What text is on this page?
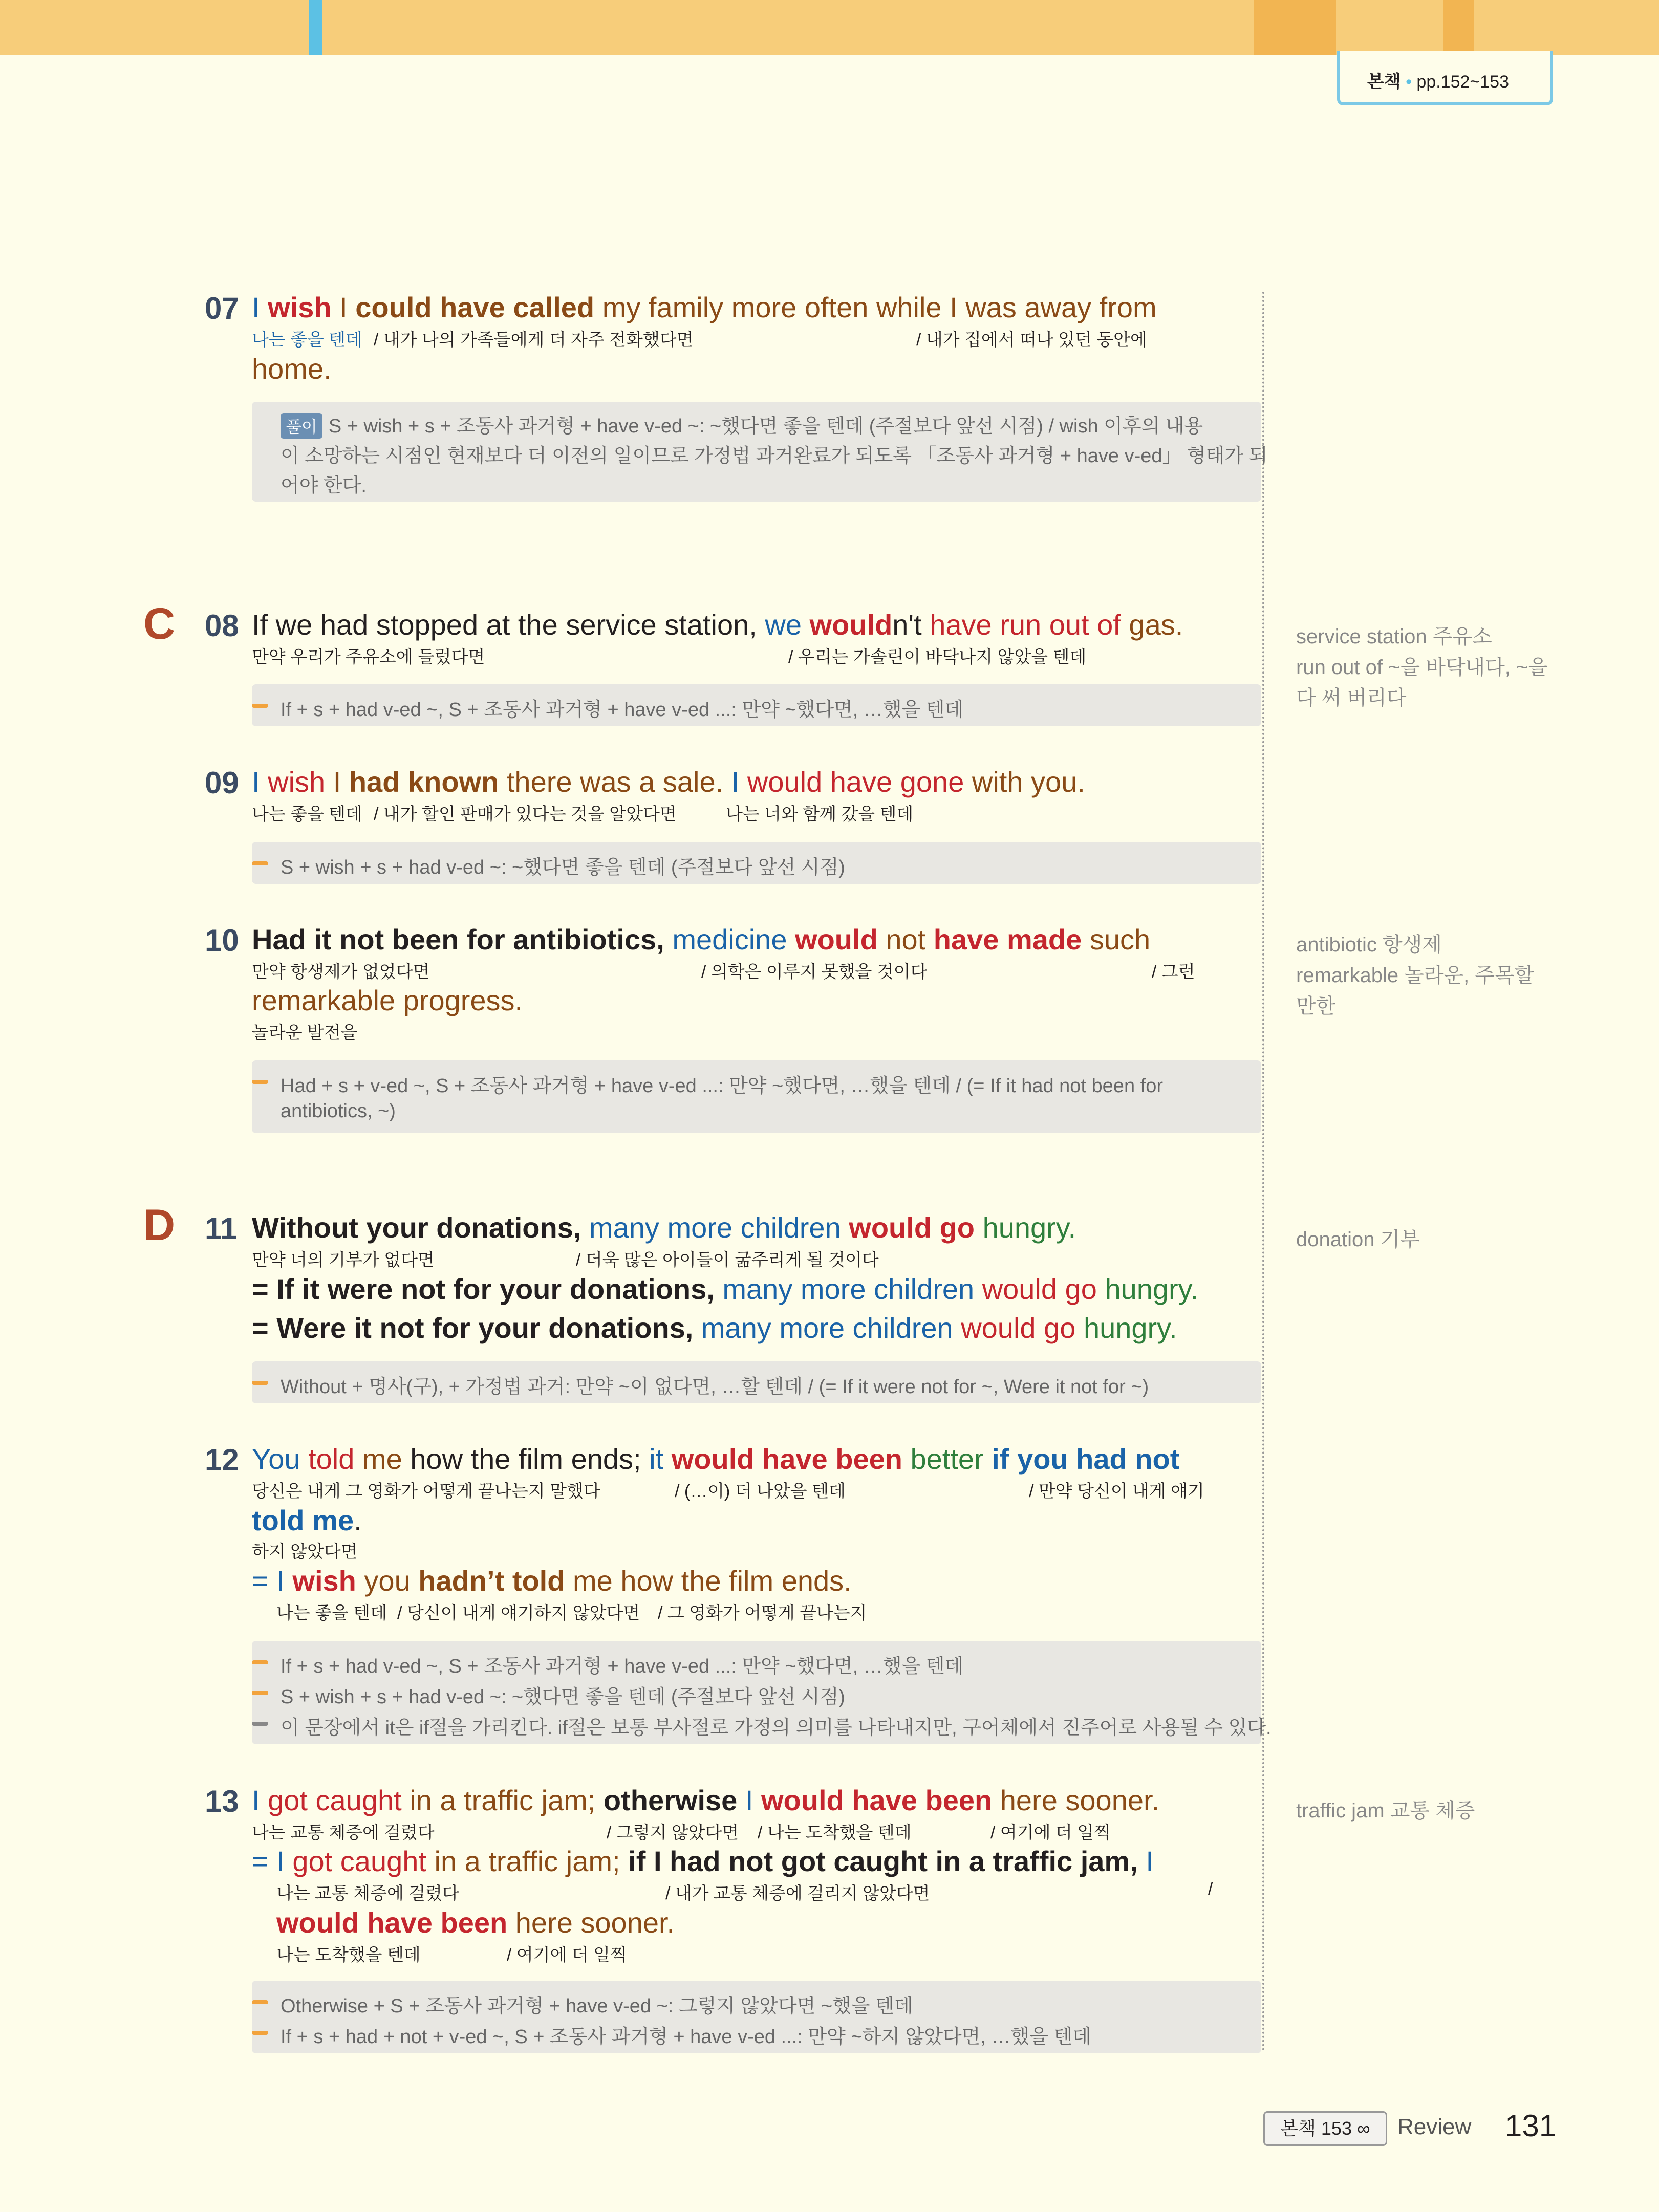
본책 • pp.152~153
07 I wish I could have called my family more often while I was away from
나는 좋을 텐데 / 내가 나의 가족들에게 더 자주 전화했다면	/ 내가 집에서 떠나 있던 동안에
home.
풀이 S + wish + s + 조동사 과거형 + have v-ed ~: ~했다면 좋을 텐데 (주절보다 앞선 시점) / wish 이후의 내용
이 소망하는 시점인 현재보다 더 이전의 일이므로 가정법 과거완료가 되도록 「조동사 과거형 + have v-ed」 형태가 되
어야 한다.
C 08 If we had stopped at the service station, we wouldn't have run out of gas.
만약 우리가 주유소에 들렀다면	/ 우리는 가솔린이 바닥나지 않았을 텐데
If + s + had v-ed ~, S + 조동사 과거형 + have v-ed ...: 만약 ~했다면, …했을 텐데
service station 주유소
run out of ~을 바닥내다, ~을
다 써 버리다
09 I wish I had known there was a sale. I would have gone with you.
나는 좋을 텐데 / 내가 할인 판매가 있다는 것을 알았다면	나는 너와 함께 갔을 텐데
S + wish + s + had v-ed ~: ~했다면 좋을 텐데 (주절보다 앞선 시점)
10 Had it not been for antibiotics, medicine would not have made such
만약 항생제가 없었다면	/ 의학은 이루지 못했을 것이다	/ 그런
remarkable progress.
놀라운 발전을
Had + s + v-ed ~, S + 조동사 과거형 + have v-ed ...: 만약 ~했다면, …했을 텐데 / (= If it had not been for
antibiotics, ~)
antibiotic 항생제
remarkable 놀라운, 주목할
만한
D 11 Without your donations, many more children would go hungry.
만약 너의 기부가 없다면	/ 더욱 많은 아이들이 굶주리게 될 것이다
= If it were not for your donations, many more children would go hungry.
= Were it not for your donations, many more children would go hungry.
Without + 명사(구), + 가정법 과거: 만약 ~이 없다면, …할 텐데 / (= If it were not for ~, Were it not for ~)
donation 기부
12 You told me how the film ends; it would have been better if you had not
당신은 내게 그 영화가 어떻게 끝나는지 말했다	/ (…이) 더 나았을 텐데	/ 만약 당신이 내게 얘기
told me.
하지 않았다면
= I wish you hadn’t told me how the film ends.
나는 좋을 텐데 / 당신이 내게 얘기하지 않았다면 / 그 영화가 어떻게 끝나는지
If + s + had v-ed ~, S + 조동사 과거형 + have v-ed ...: 만약 ~했다면, …했을 텐데
S + wish + s + had v-ed ~: ~했다면 좋을 텐데 (주절보다 앞선 시점)
이 문장에서 it은 if절을 가리킨다. if절은 보통 부사절로 가정의 의미를 나타내지만, 구어체에서 진주어로 사용될 수 있다.
13 I got caught in a traffic jam; otherwise I would have been here sooner.
나는 교통 체증에 걸렸다	/ 그렇지 않았다면 / 나는 도착했을 텐데	/ 여기에 더 일찍
traffic jam 교통 체증
= I got caught in a traffic jam; if I had not got caught in a traffic jam, I
나는 교통 체증에 걸렸다	/ 내가 교통 체증에 걸리지 않았다면	/
would have been here sooner.
나는 도착했을 텐데	/ 여기에 더 일찍
Otherwise + S + 조동사 과거형 + have v-ed ~: 그렇지 않았다면 ~했을 텐데
If + s + had + not + v-ed ~, S + 조동사 과거형 + have v-ed ...: 만약 ~하지 않았다면, …했을 텐데
본책 153 ∞	Review 131
